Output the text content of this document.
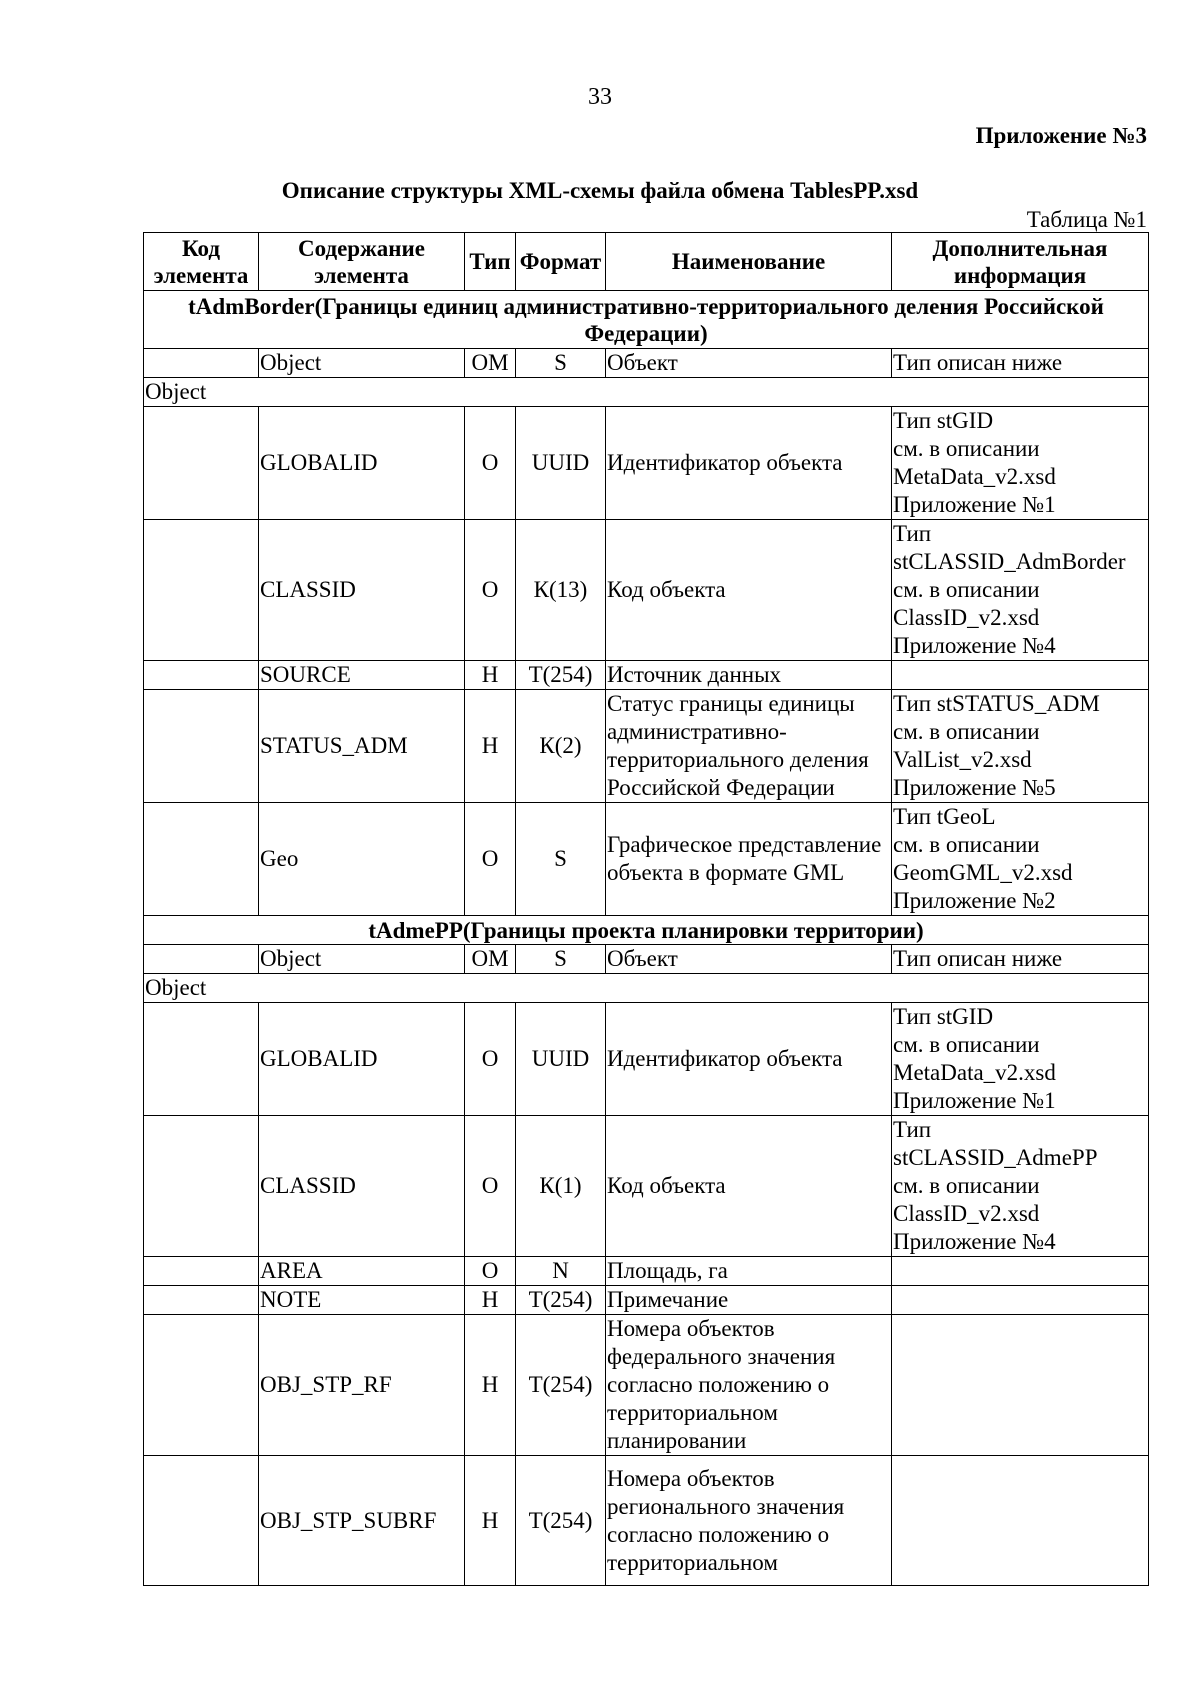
33
Приложение №3
Описание структуры XML-схемы файла обмена TablesPP.xsd
Таблица №1
Код элемента	Содержание элемента	Тип	Формат	Наименование	Дополнительная информация
tAdmBorder(Границы единиц административно-территориального деления Российской Федерации)					
	Object	ОМ	S	Объект	Тип описан ниже
Object					
	GLOBALID	О	UUID	Идентификатор объекта	Тип stGID
см. в описании
MetaData_v2.xsd
Приложение №1

	CLASSID	О	К(13)	Код объекта	Тип
stCLASSID_AdmBorder
см. в описании
ClassID_v2.xsd
Приложение №4

	SOURCE	Н	Т(254)	Источник данных	
	STATUS_ADM	Н	К(2)	Статус границы единицы административно-территориального деления Российской Федерации	Тип stSTATUS_ADM
см. в описании
ValList_v2.xsd
Приложение №5

	Geo	О	S	Графическое представление объекта в формате GML	Тип tGeoL
см. в описании
GeomGML_v2.xsd
Приложение №2

tAdmePP(Границы проекта планировки территории)					
	Object	ОМ	S	Объект	Тип описан ниже
Object					
	GLOBALID	О	UUID	Идентификатор объекта	Тип stGID
см. в описании
MetaData_v2.xsd
Приложение №1

	CLASSID	О	К(1)	Код объекта	Тип
stCLASSID_AdmePP
см. в описании
ClassID_v2.xsd
Приложение №4

	AREA	О	N	Площадь, га	
	NOTE	Н	Т(254)	Примечание	
	OBJ_STP_RF	Н	Т(254)	Номера объектов федерального значения согласно положению о территориальном планировании	
	OBJ_STP_SUBRF	Н	Т(254)	Номера объектов регионального значения согласно положению о территориальном	
